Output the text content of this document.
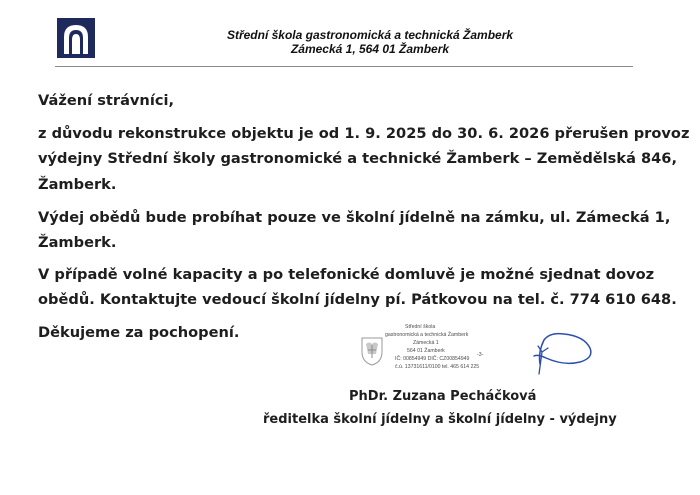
Střední škola gastronomická a technická Žamberk
Zámecká 1, 564 01 Žamberk
Vážení strávníci,
z důvodu rekonstrukce objektu je od 1. 9. 2025 do 30. 6. 2026 přerušen provoz
výdejny Střední školy gastronomické a technické Žamberk – Zemědělská 846,
Žamberk.
Výdej obědů bude probíhat pouze ve školní jídelně na zámku, ul. Zámecká 1,
Žamberk.
V případě volné kapacity a po telefonické domluvě je možné sjednat dovoz
obědů. Kontaktujte vedoucí školní jídelny pí. Pátkovou na tel. č. 774 610 648.
Děkujeme za pochopení.	Střední škola
gastronomická a technická Žamberk
Zámecká 1
564 01 Žamberk
-3-
IČ: 00854949 DIČ: CZ00854949
č.ú. 13731611/0100 tel. 465 614 225
PhDr. Zuzana Pecháčková
ředitelka školní jídelny a školní jídelny - výdejny
